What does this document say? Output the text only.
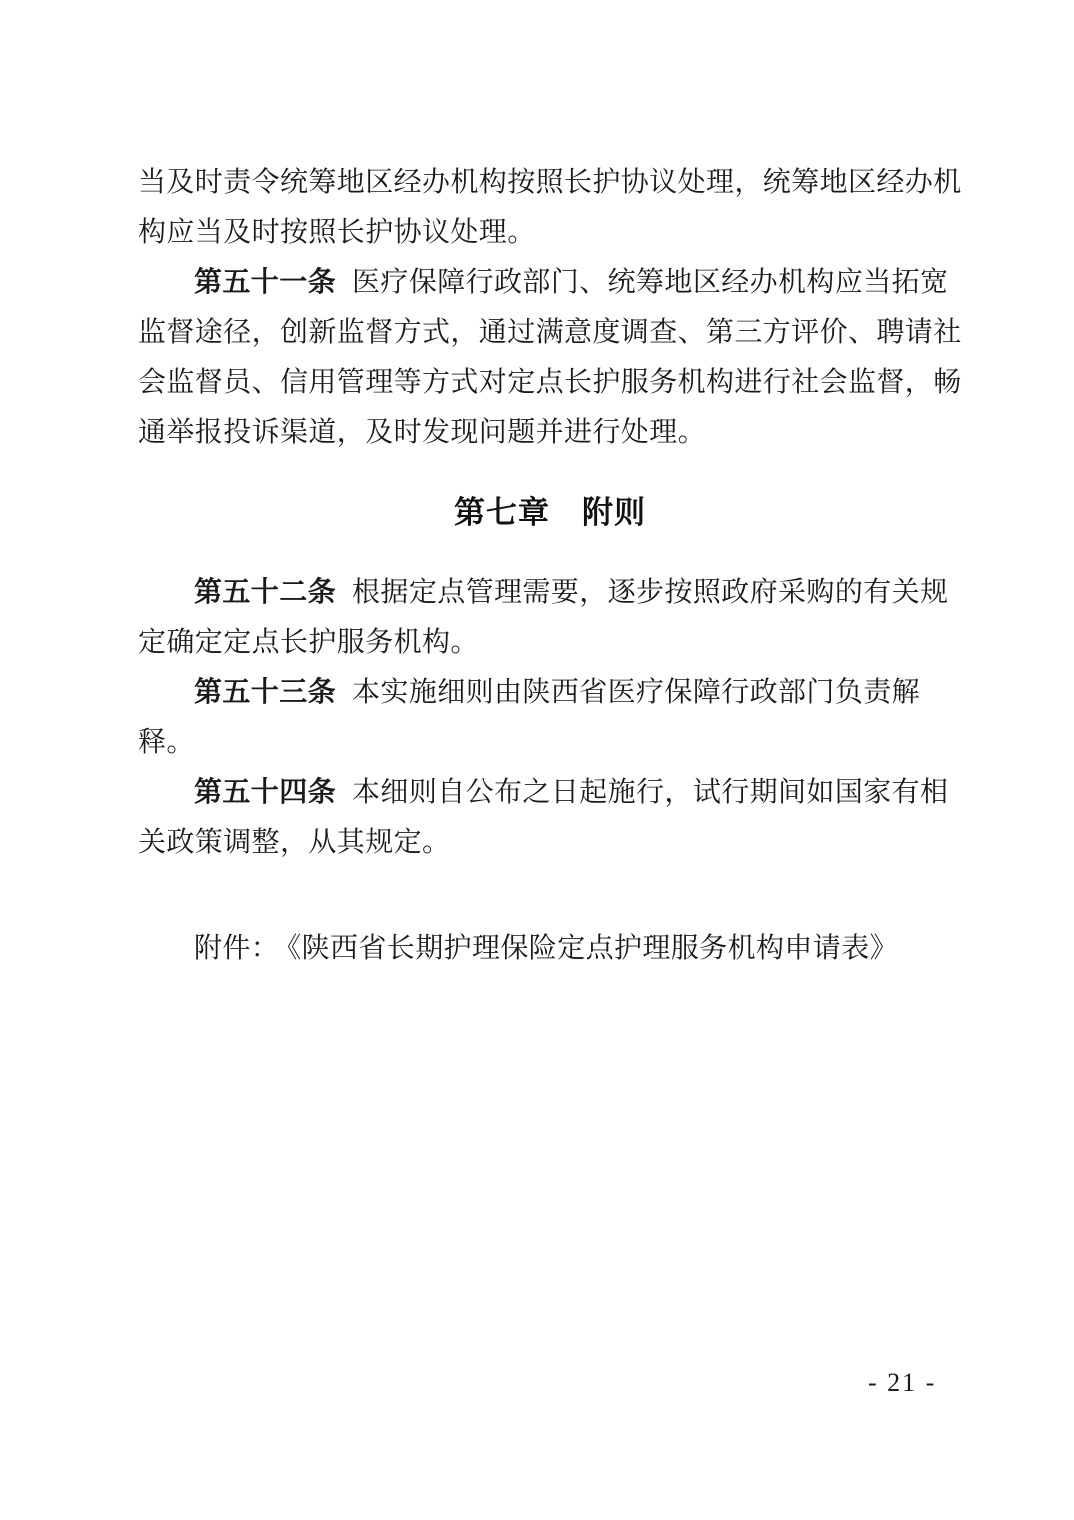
当及时责令统筹地区经办机构按照长护协议处理，统筹地区经办机
构应当及时按照长护协议处理。
第五十一条 医疗保障行政部门、统筹地区经办机构应当拓宽
监督途径，创新监督方式，通过满意度调查、第三方评价、聘请社
会监督员、信用管理等方式对定点长护服务机构进行社会监督，畅
通举报投诉渠道，及时发现问题并进行处理。
第七章　附则
第五十二条 根据定点管理需要，逐步按照政府采购的有关规
定确定定点长护服务机构。
第五十三条 本实施细则由陕西省医疗保障行政部门负责解
释。
第五十四条 本细则自公布之日起施行，试行期间如国家有相
关政策调整，从其规定。
附件： 《陕西省长期护理保险定点护理服务机构申请表》
- 21 -
